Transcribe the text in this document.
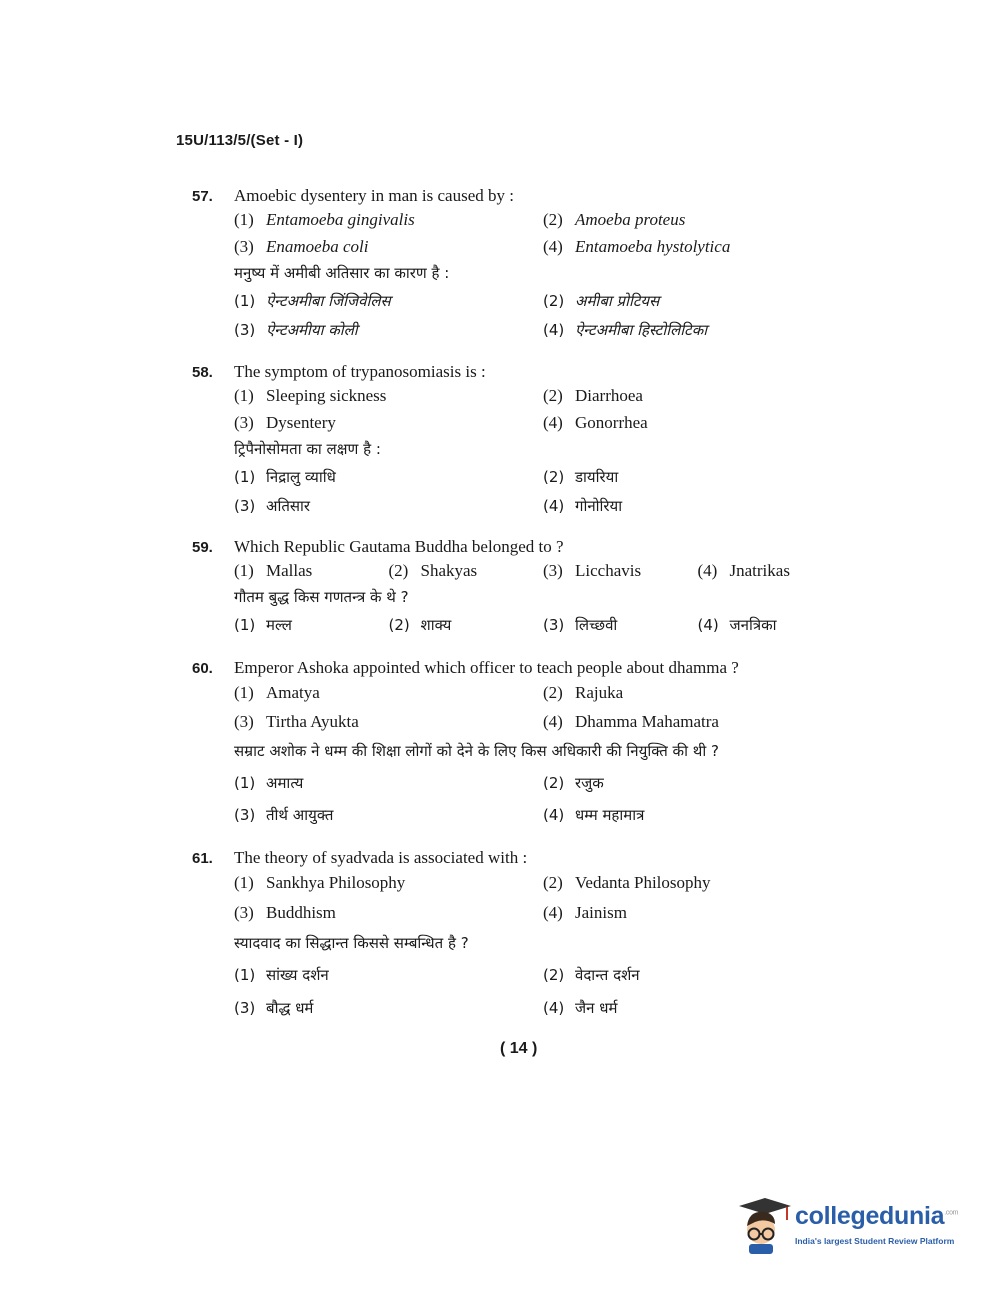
15U/113/5/(Set - I)
57.	Amoebic dysentery in man is caused by :
(1) Entamoeba gingivalis	(2) Amoeba proteus
(3) Enamoeba coli	(4) Entamoeba hystolytica
मनुष्य में अमीबी अतिसार का कारण है :
(1) ऐन्टअमीबा जिंजिवेलिस	(2) अमीबा प्रोटियस
(3) ऐन्टअमीया कोली	(4) ऐन्टअमीबा हिस्टोलिटिका
58.	The symptom of trypanosomiasis is :
(1) Sleeping sickness	(2) Diarrhoea
(3) Dysentery	(4) Gonorrhea
ट्रिपैनोसोमता का लक्षण है :
(1) निद्रालु व्याधि	(2) डायरिया
(3) अतिसार	(4) गोनोरिया
59.	Which Republic Gautama Buddha belonged to ?
(1) Mallas	(2) Shakyas	(3) Licchavis	(4) Jnatrikas
गौतम बुद्ध किस गणतन्त्र के थे ?
(1) मल्ल	(2) शाक्य	(3) लिच्छवी	(4) जनत्रिका
60.	Emperor Ashoka appointed which officer to teach people about dhamma ?
(1) Amatya	(2) Rajuka
(3) Tirtha Ayukta	(4) Dhamma Mahamatra
सम्राट अशोक ने धम्म की शिक्षा लोगों को देने के लिए किस अधिकारी की नियुक्ति की थी ?
(1) अमात्य	(2) रजुक
(3) तीर्थ आयुक्त	(4) धम्म महामात्र
61.	The theory of syadvada is associated with :
(1) Sankhya Philosophy	(2) Vedanta Philosophy
(3) Buddhism	(4) Jainism
स्यादवाद का सिद्धान्त किससे सम्बन्धित है ?
(1) सांख्य दर्शन	(2) वेदान्त दर्शन
(3) बौद्ध धर्म	(4) जैन धर्म
( 14 )
collegedunia$^{.com}$
India's largest Student Review Platform
